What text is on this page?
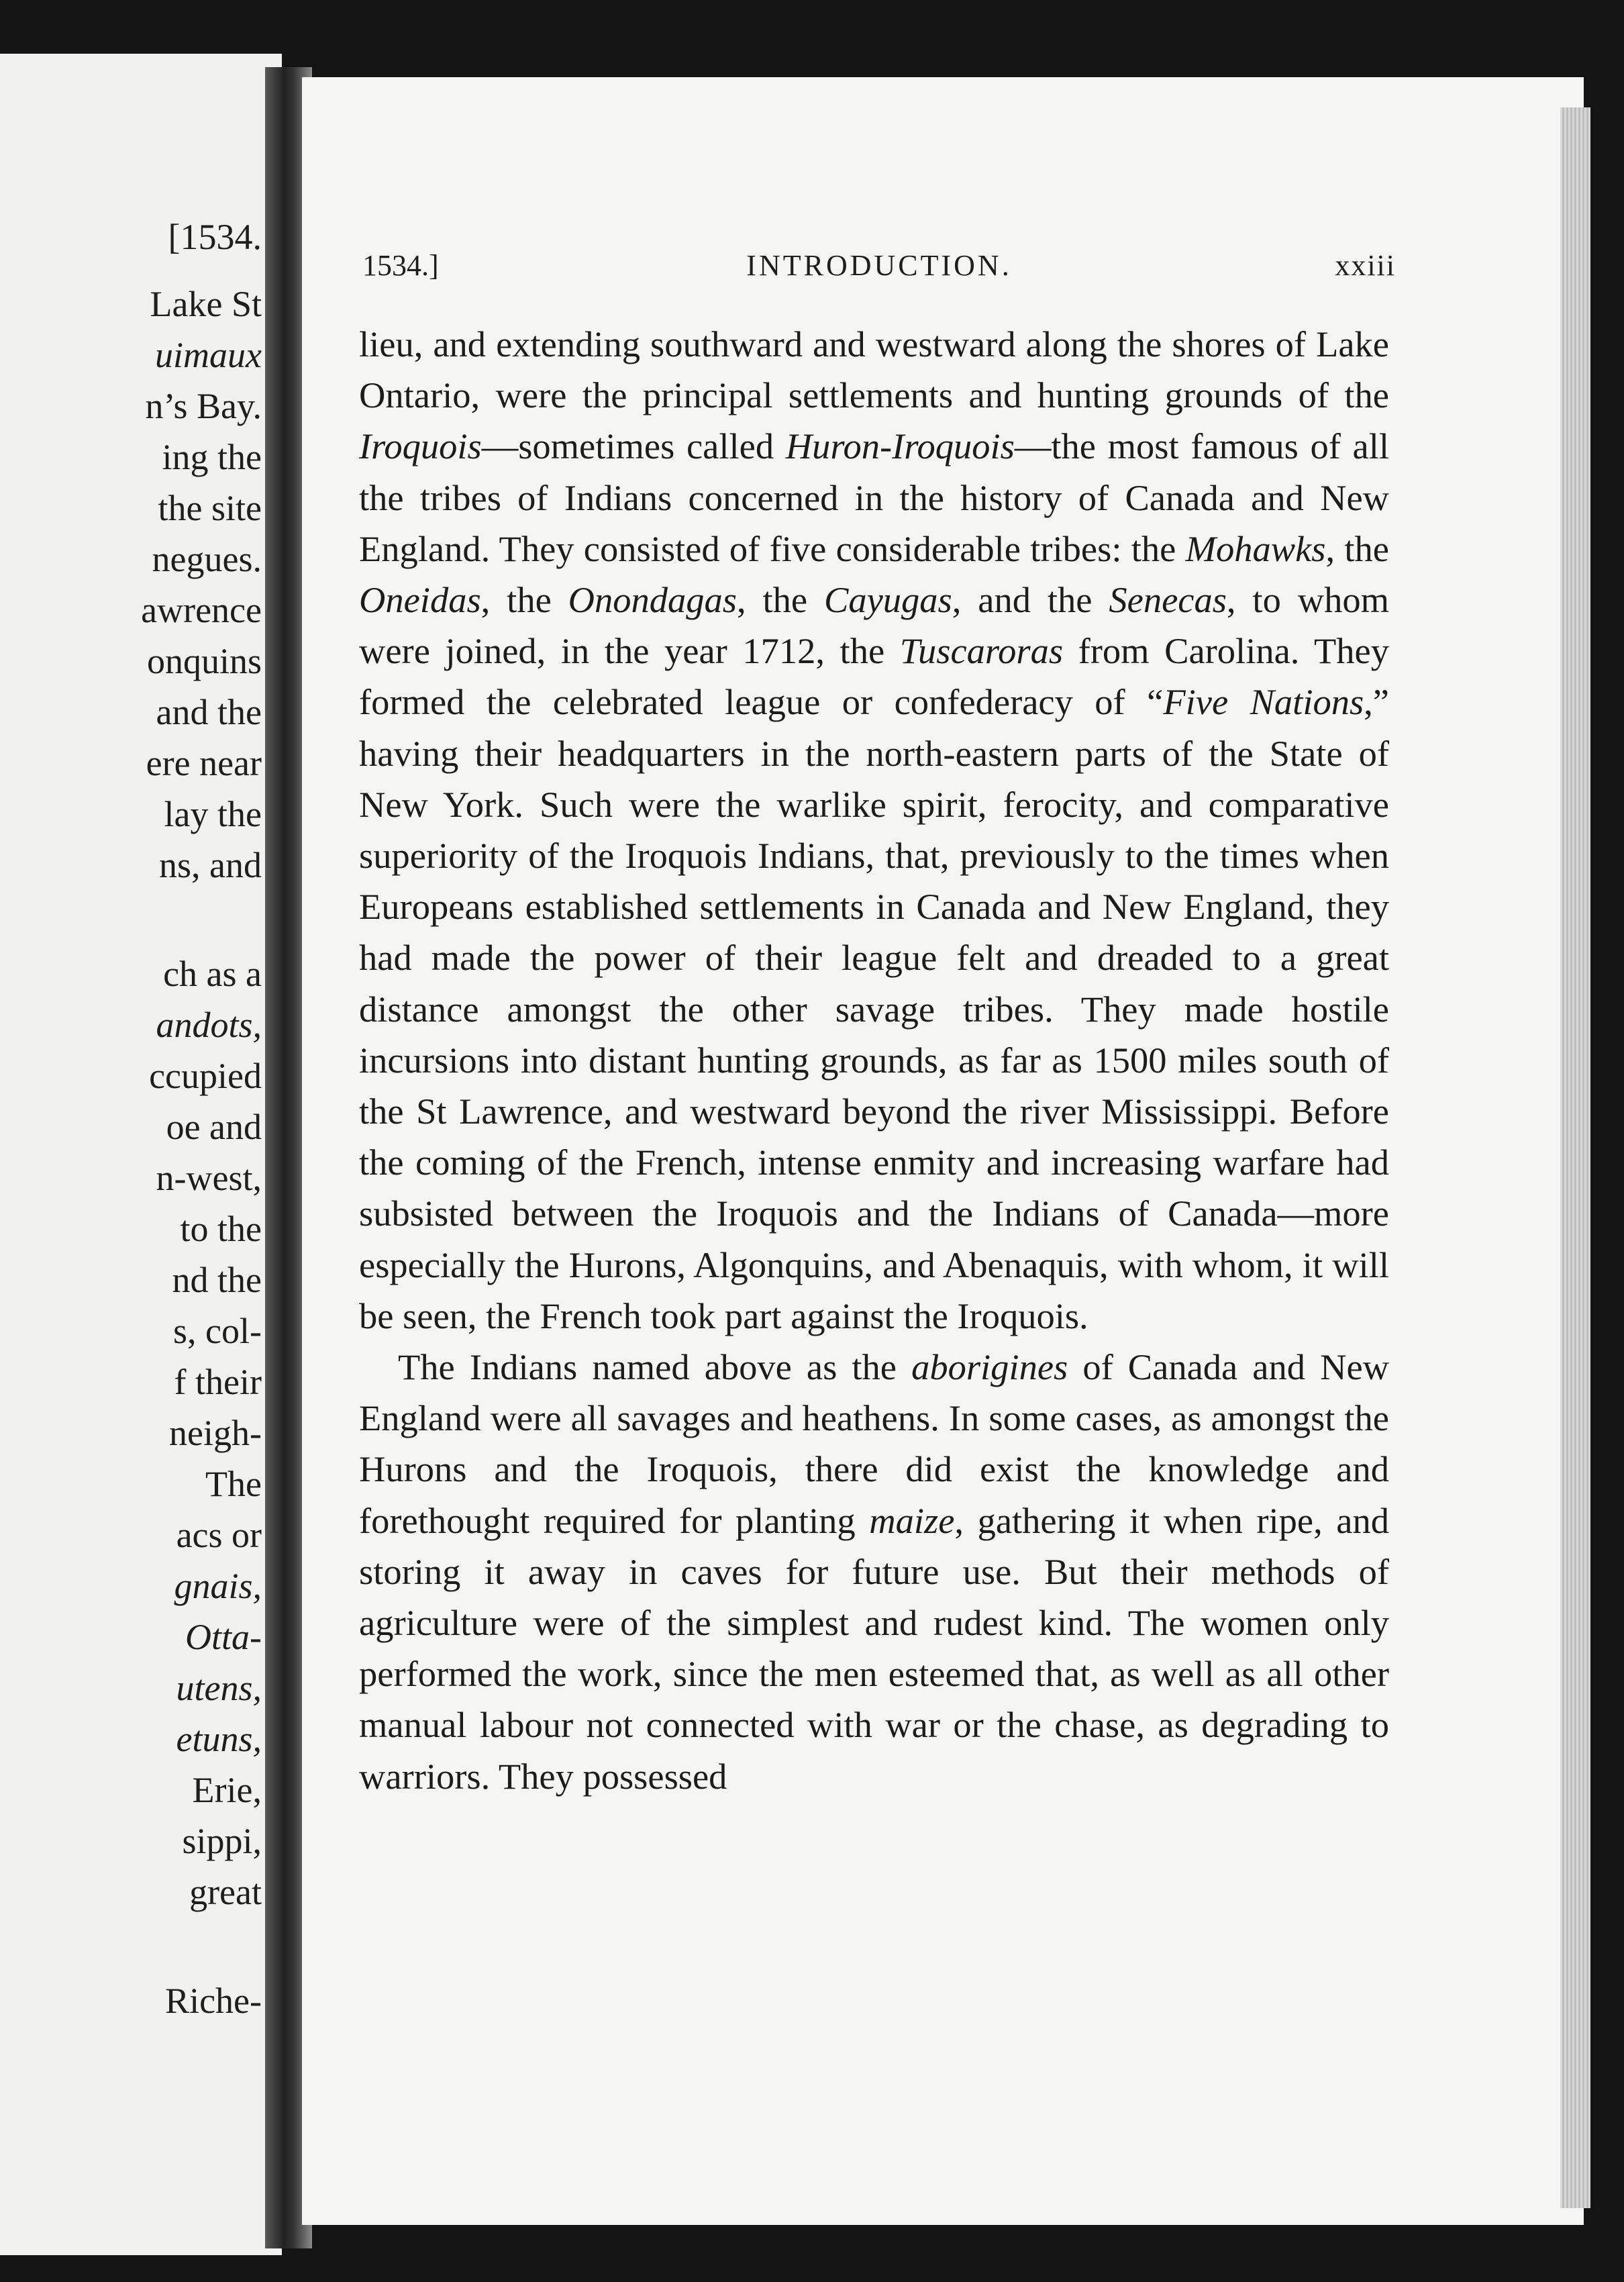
[1534.
Lake St
uimaux
n’s Bay.
ing the
the site
negues.
awrence
onquins
and the
ere near
lay the
ns, and
ch as a
andots,
ccupied
oe and
n-west,
to the
nd the
s, col-
f their
neigh-
The
acs or
gnais,
Otta-
utens,
etuns,
Erie,
sippi,
great
Riche-
1534.]	INTRODUCTION.	xxiii

lieu, and extending southward and westward along the shores of Lake Ontario, were the principal settlements and hunting grounds of the Iroquois—sometimes called Huron-Iroquois—the most famous of all the tribes of Indians concerned in the history of Canada and New England. They consisted of five considerable tribes: the Mohawks, the Oneidas, the Onondagas, the Cayugas, and the Senecas, to whom were joined, in the year 1712, the Tuscaroras from Carolina. They formed the celebrated league or confederacy of “Five Nations,” having their headquarters in the north-eastern parts of the State of New York. Such were the warlike spirit, ferocity, and comparative superiority of the Iroquois Indians, that, previously to the times when Europeans established settlements in Canada and New England, they had made the power of their league felt and dreaded to a great distance amongst the other savage tribes. They made hostile incursions into distant hunting grounds, as far as 1500 miles south of the St Lawrence, and westward beyond the river Mississippi. Before the coming of the French, intense enmity and increasing warfare had subsisted between the Iroquois and the Indians of Canada—more especially the Hurons, Algonquins, and Abenaquis, with whom, it will be seen, the French took part against the Iroquois.

The Indians named above as the aborigines of Canada and New England were all savages and heathens. In some cases, as amongst the Hurons and the Iroquois, there did exist the knowledge and forethought required for planting maize, gathering it when ripe, and storing it away in caves for future use. But their methods of agriculture were of the simplest and rudest kind. The women only performed the work, since the men esteemed that, as well as all other manual labour not connected with war or the chase, as degrading to warriors. They possessed
